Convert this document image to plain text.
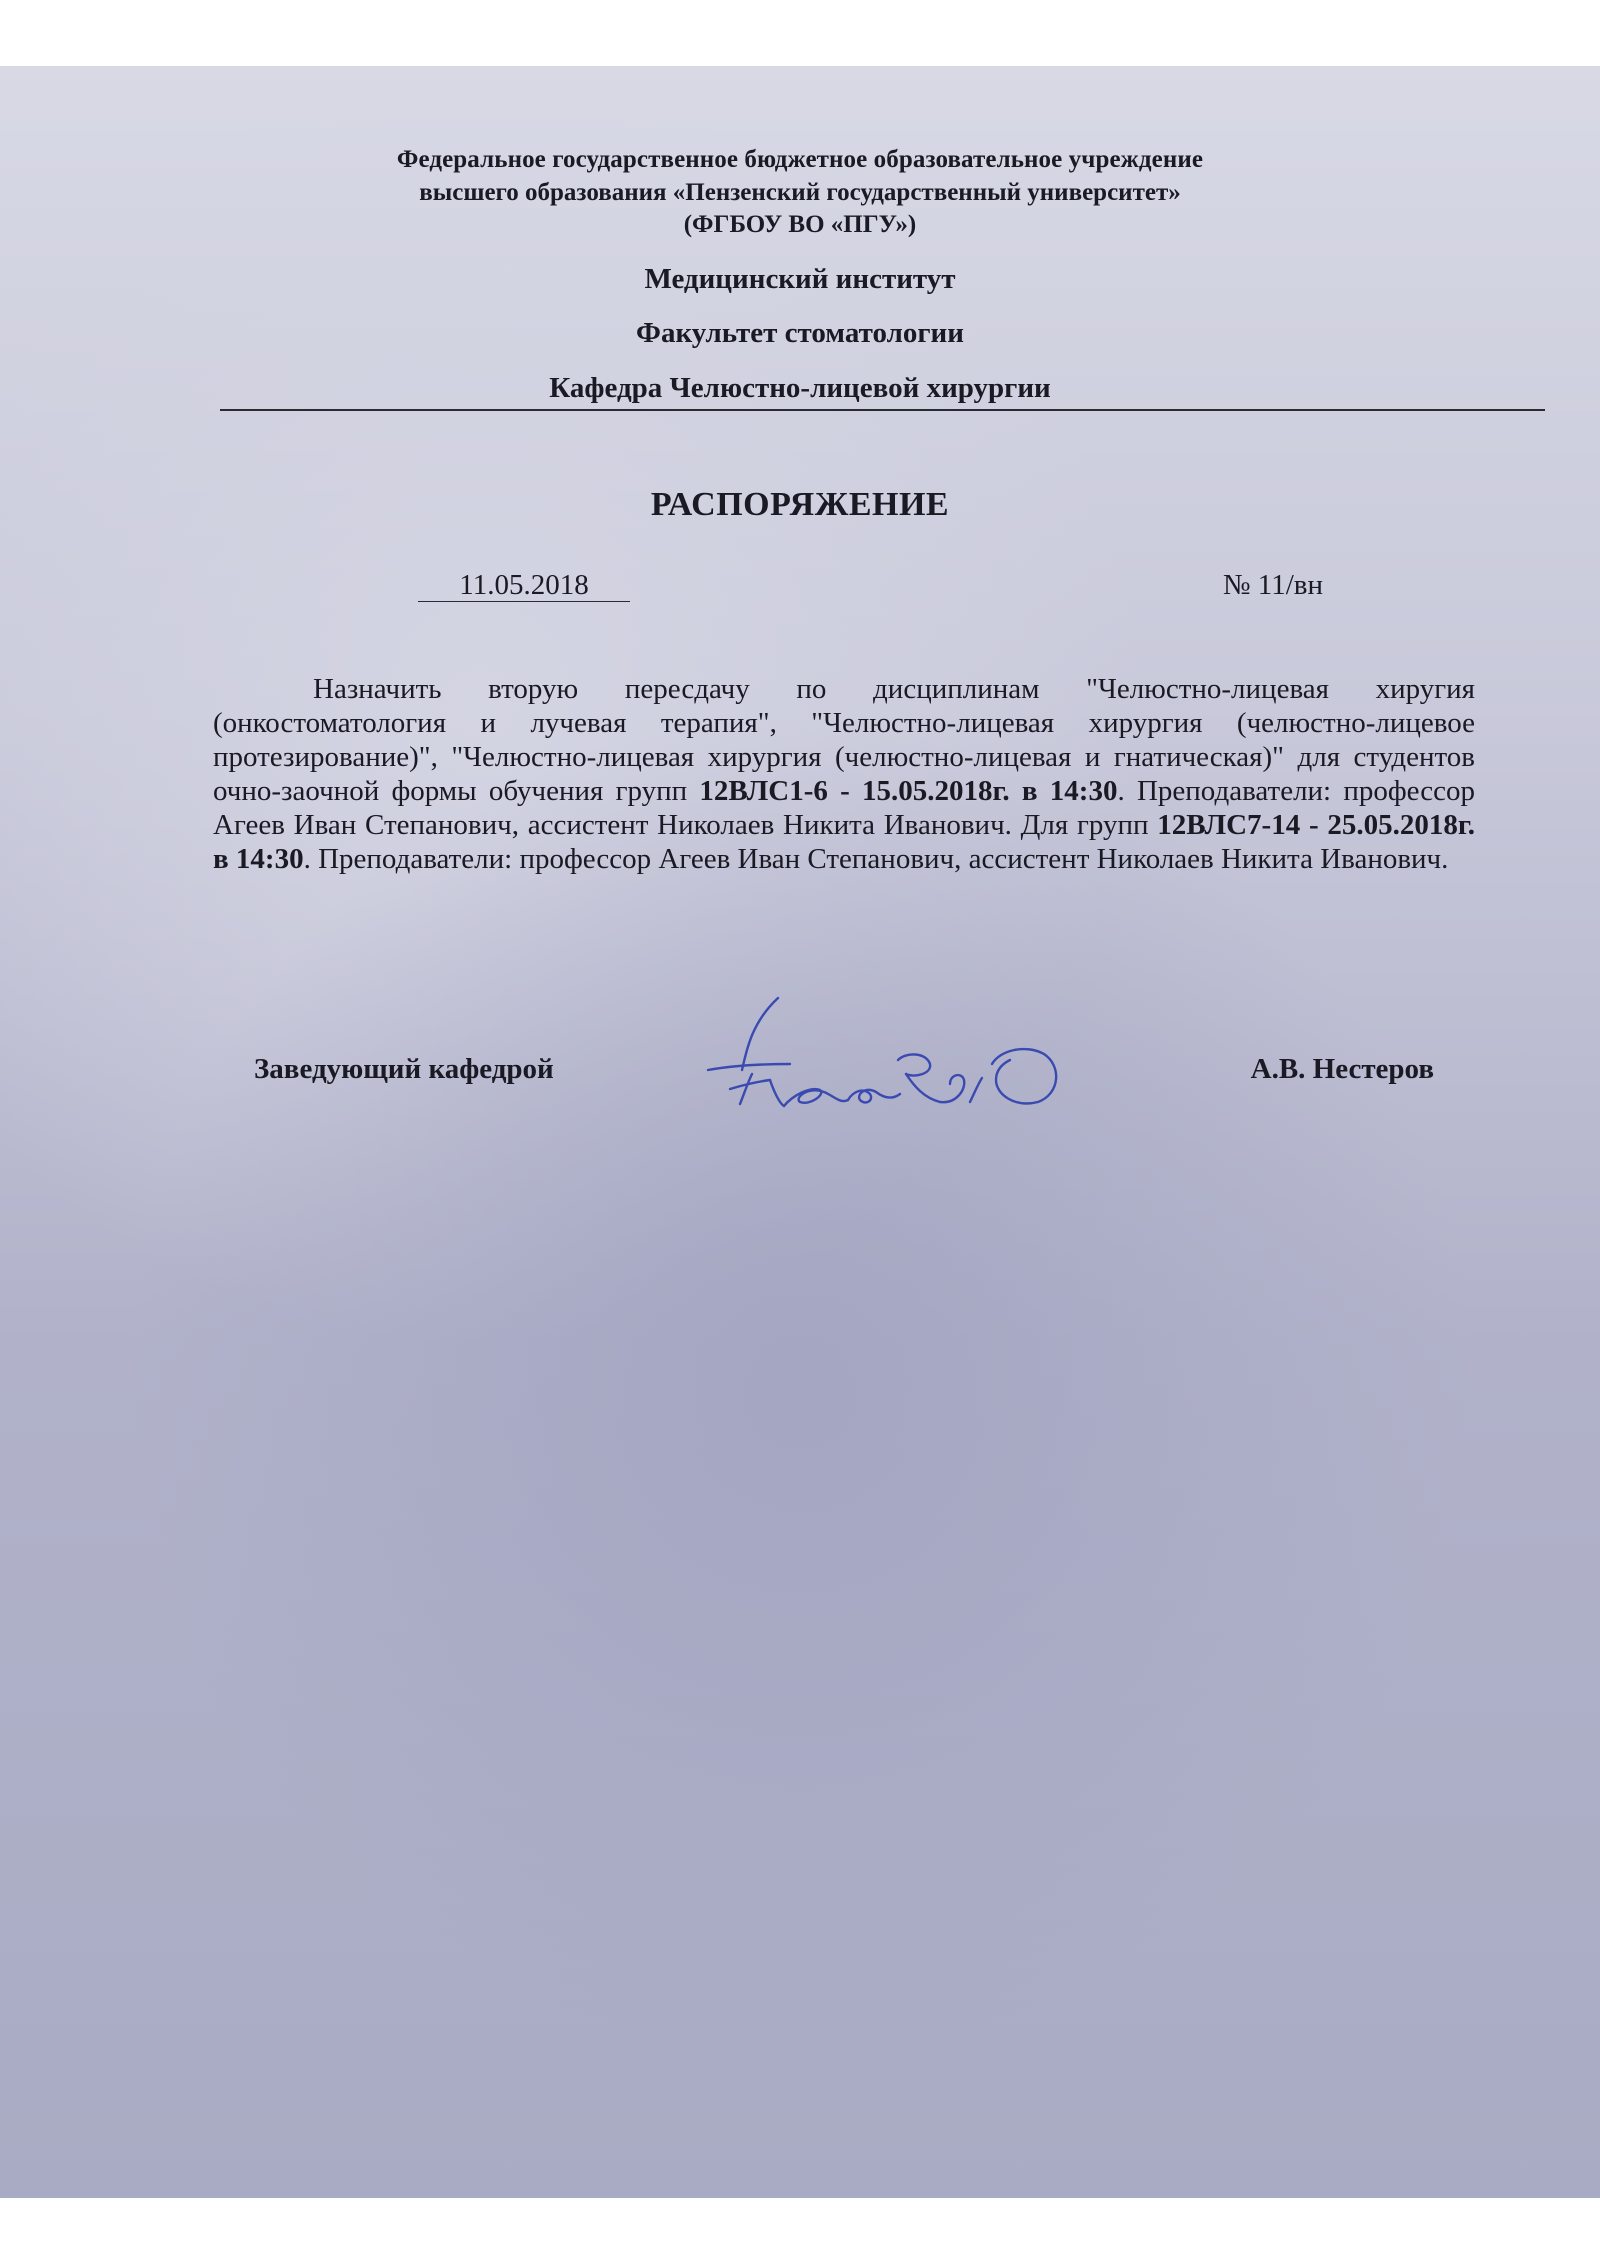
Федеральное государственное бюджетное образовательное учреждение
высшего образования «Пензенский государственный университет»
(ФГБОУ ВО «ПГУ»)
Медицинский институт
Факультет стоматологии
Кафедра Челюстно-лицевой хирургии
РАСПОРЯЖЕНИЕ
11.05.2018	№ 11/вн
Назначить вторую пересдачу по дисциплинам "Челюстно-лицевая хиругия (онкостоматология и лучевая терапия", "Челюстно-лицевая хирургия (челюстно-лицевое протезирование)", "Челюстно-лицевая хирургия (челюстно-лицевая и гнатическая)" для студентов очно-заочной формы обучения групп 12ВЛС1-6 - 15.05.2018г. в 14:30. Преподаватели: профессор Агеев Иван Степанович, ассистент Николаев Никита Иванович. Для групп 12ВЛС7-14 - 25.05.2018г. в 14:30. Преподаватели: профессор Агеев Иван Степанович, ассистент Николаев Никита Иванович.
Заведующий кафедрой	А.В. Нестеров
